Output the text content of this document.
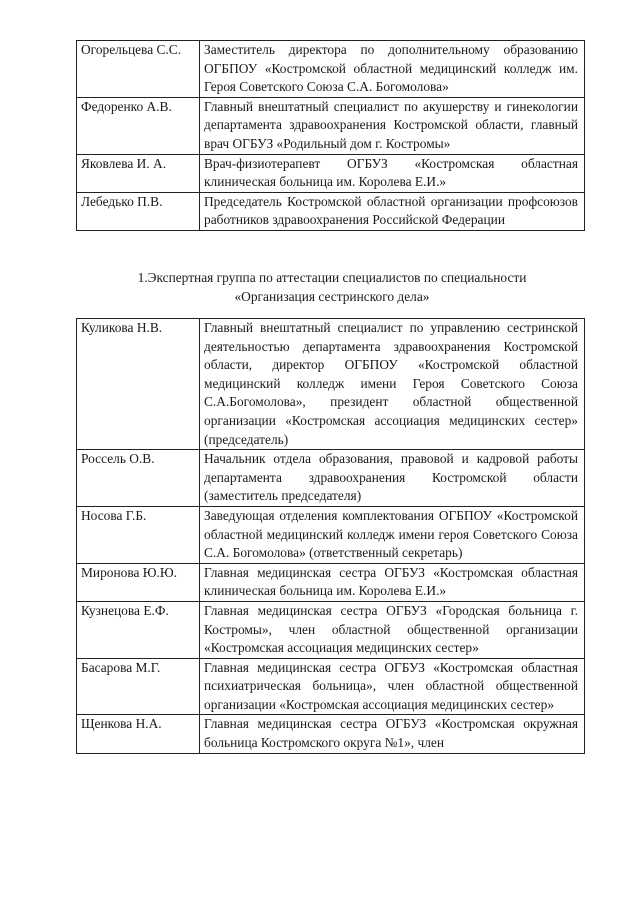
Огорельцева С.С.	Заместитель директора по дополнительному образованию ОГБПОУ «Костромской областной медицинский колледж им. Героя Советского Союза С.А. Богомолова»
Федоренко А.В.	Главный внештатный специалист по акушерству и гинекологии департамента здравоохранения Костромской области, главный врач ОГБУЗ «Родильный дом г. Костромы»
Яковлева И. А.	Врач-физиотерапевт ОГБУЗ «Костромская областная клиническая больница им. Королева Е.И.»
Лебедько П.В.	Председатель Костромской областной организации профсоюзов работников здравоохранения Российской Федерации
1.Экспертная группа по аттестации специалистов по специальности
«Организация сестринского дела»
Куликова Н.В.	Главный внештатный специалист по управлению сестринской деятельностью департамента здравоохранения Костромской области, директор ОГБПОУ «Костромской областной медицинский колледж имени Героя Советского Союза С.А.Богомолова», президент областной общественной организации «Костромская ассоциация медицинских сестер» (председатель)
Россель О.В.	Начальник отдела образования, правовой и кадровой работы департамента здравоохранения Костромской области (заместитель председателя)
Носова Г.Б.	Заведующая отделения комплектования ОГБПОУ «Костромской областной медицинский колледж имени героя Советского Союза С.А. Богомолова» (ответственный секретарь)
Миронова Ю.Ю.	Главная медицинская сестра ОГБУЗ «Костромская областная клиническая больница им. Королева Е.И.»
Кузнецова Е.Ф.	Главная медицинская сестра ОГБУЗ «Городская больница г. Костромы», член областной общественной организации «Костромская ассоциация медицинских сестер»
Басарова М.Г.	Главная медицинская сестра ОГБУЗ «Костромская областная психиатрическая больница», член областной общественной организации «Костромская ассоциация медицинских сестер»
Щенкова Н.А.	Главная медицинская сестра ОГБУЗ «Костромская окружная больница Костромского округа №1», член
